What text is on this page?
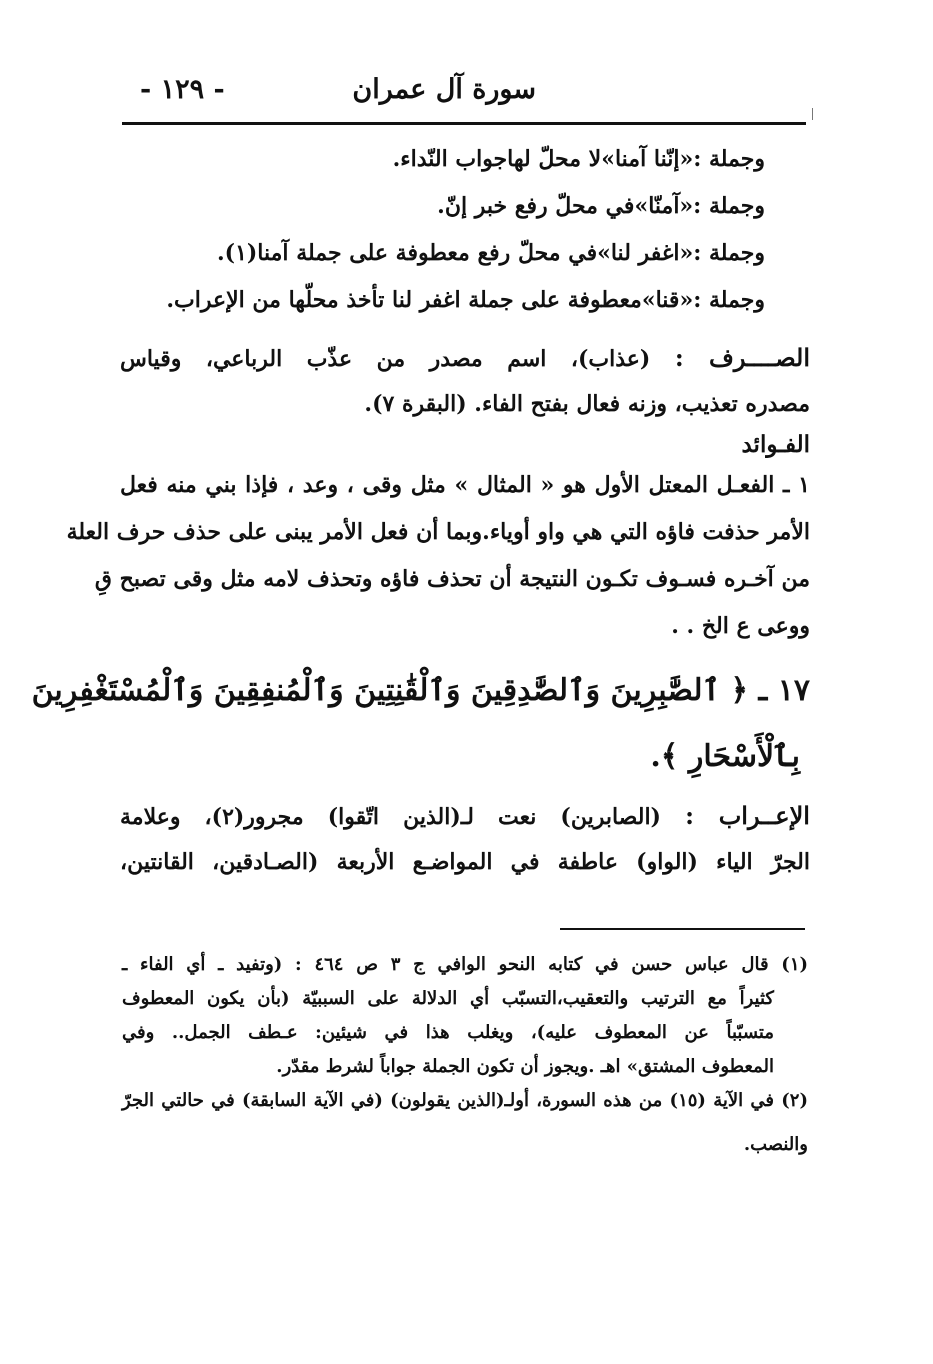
سورة آل عمران
- ١٢٩ -
وجملة :«إنّنا آمنا»لا محلّ لهاجواب النّداء.
وجملة :«آمنّا»في محلّ رفع خبر إنّ.
وجملة :«اغفر لنا»في محلّ رفع معطوفة على جملة آمنا(١).
وجملة :«قنا»معطوفة على جملة اغفر لنا تأخذ محلّها من الإعراب.
الصــــرف : (عذاب)، اسم مصدر من عذّب الرباعي، وقياس
مصدره تعذيب، وزنه فعال بفتح الفاء. (البقرة ٧).
الفـوائد
١ ـ الفعـل المعتل الأول هو « المثال » مثل وقى ، وعد ، فإذا بني منه فعل
الأمر حذفت فاؤه التي هي واو أوياء.وبما أن فعل الأمر يبنى على حذف حرف العلة
من آخـره فسـوف تكـون النتيجة أن تحذف فاؤه وتحذف لامه مثل وقى تصبح قِ
ووعى ع الخ . .
١٧ ـ ﴿ ٱلصَّٰبِرِينَ وَٱلصَّٰدِقِينَ وَٱلْقَٰنِتِينَ وَٱلْمُنفِقِينَ وَٱلْمُسْتَغْفِرِينَ
بِٱلْأَسْحَارِ ﴾.
الإعــراب : (الصابرين) نعت لـ(الذين اتّقوا) مجرور(٢)، وعلامة
الجرّ الياء (الواو) عاطفة في المواضـع الأربعة (الصـادقين، القانتين،
(١) قال عباس حسن في كتابه النحو الوافي ج ٣ ص ٤٦٤ : (وتفيد ـ أي الفاء ـ
كثيراً مع الترتيب والتعقيب،التسبّب أي الدلالة على السببيّة (بأن يكون المعطوف
متسبّباً عن المعطوف عليه)، ويغلب هذا في شيئين: عـطف الجمل.. وفي
المعطوف المشتق» اهـ .ويجوز أن تكون الجملة جواباً لشرط مقدّر.
(٢) في الآية (١٥) من هذه السورة، أولـ(الذين يقولون) (في الآية السابقة) في حالتي الجرّ
والنصب.
